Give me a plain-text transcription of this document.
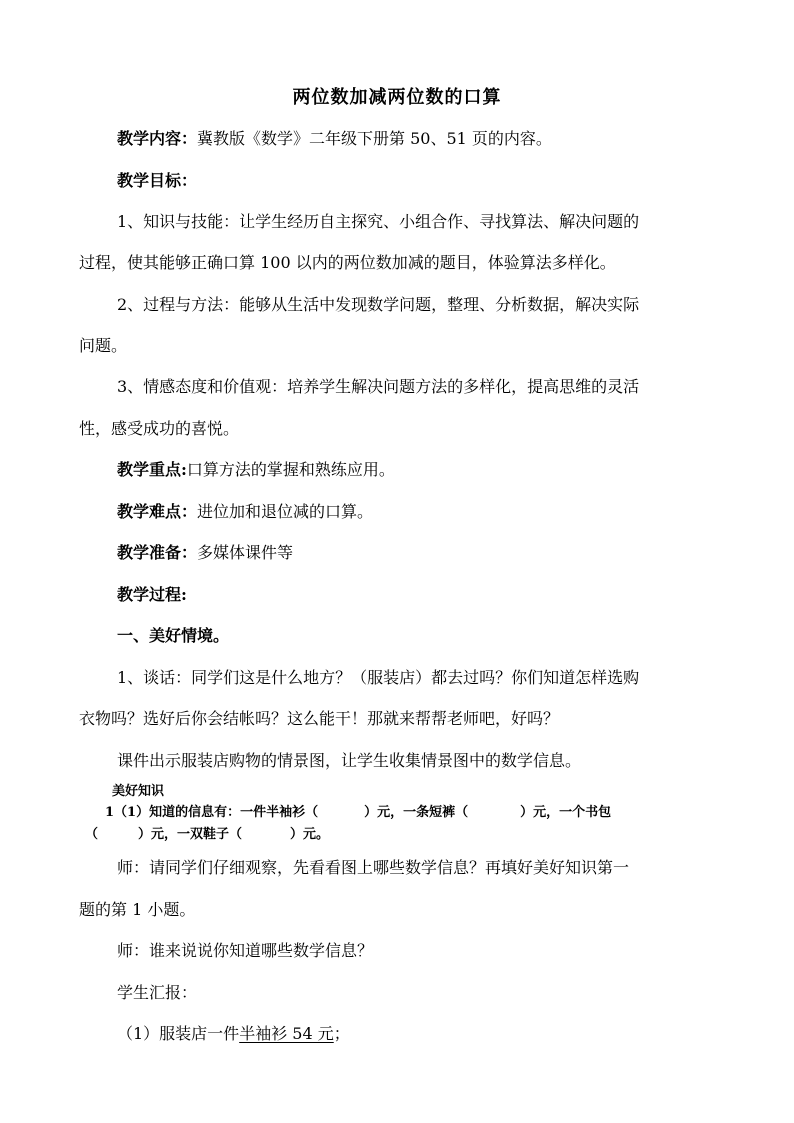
两位数加减两位数的口算
教学内容：冀教版《数学》二年级下册第 50、51 页的内容。
教学目标：
1、知识与技能：让学生经历自主探究、小组合作、寻找算法、解决问题的
过程，使其能够正确口算 100 以内的两位数加减的题目，体验算法多样化。
2、过程与方法：能够从生活中发现数学问题，整理、分析数据，解决实际
问题。
3、情感态度和价值观：培养学生解决问题方法的多样化，提高思维的灵活
性，感受成功的喜悦。
教学重点:口算方法的掌握和熟练应用。
教学难点：进位加和退位减的口算。
教学准备：多媒体课件等
教学过程:
一、美好情境。
1、谈话：同学们这是什么地方？（服装店）都去过吗？你们知道怎样选购
衣物吗？选好后你会结帐吗？这么能干！那就来帮帮老师吧，好吗？
课件出示服装店购物的情景图，让学生收集情景图中的数学信息。
美好知识
1（1）知道的信息有：一件半袖衫（	）元，一条短裤（	）元，一个书包
（	）元，一双鞋子（	）元。
师：请同学们仔细观察，先看看图上哪些数学信息？再填好美好知识第一
题的第 1 小题。
师：谁来说说你知道哪些数学信息？
学生汇报：
（1）服装店一件半袖衫 54 元；
